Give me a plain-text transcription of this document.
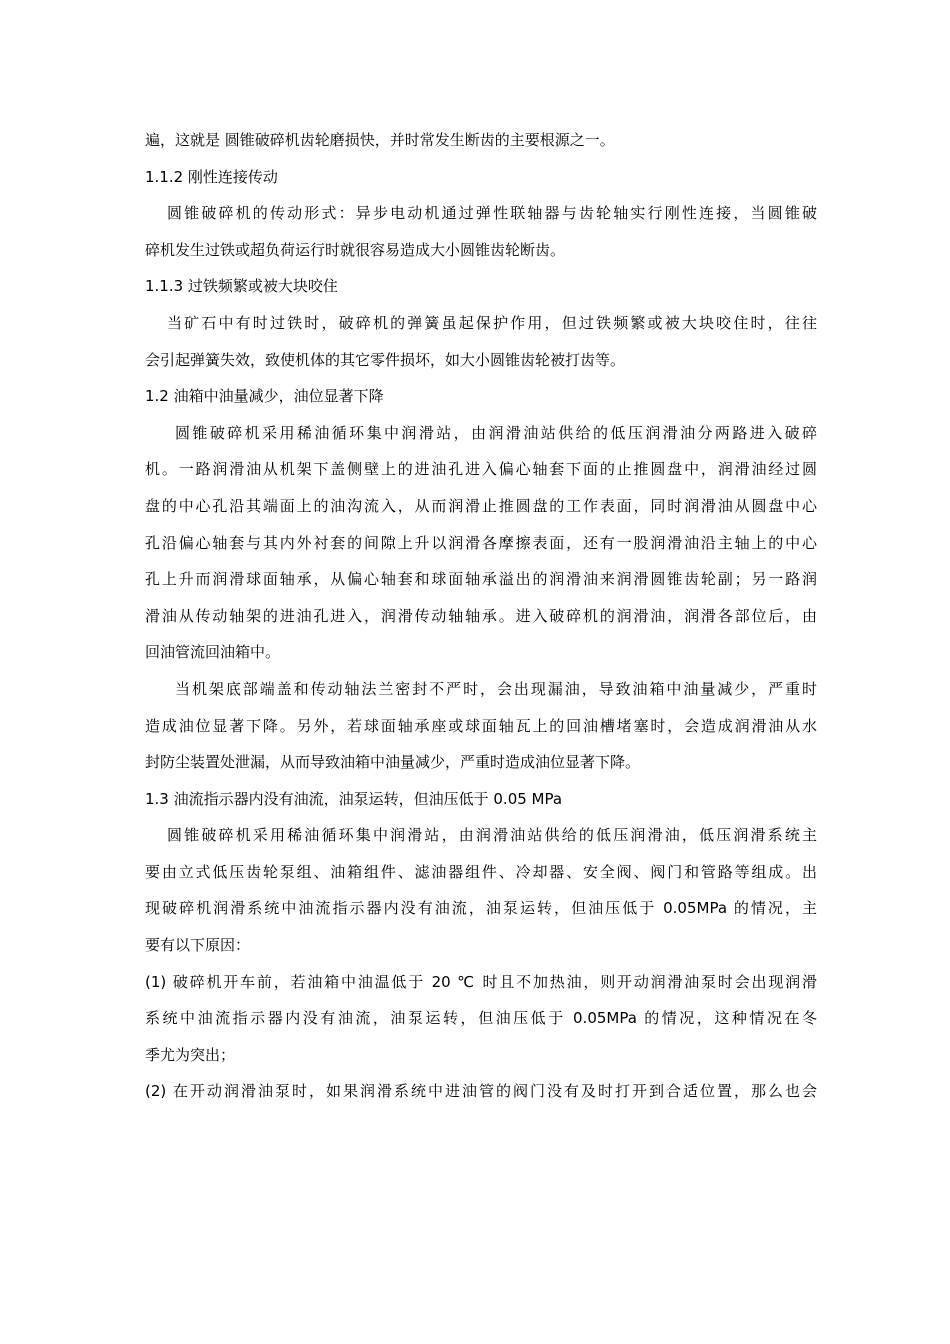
遍，这就是 圆锥破碎机齿轮磨损快，并时常发生断齿的主要根源之一。
1.1.2 刚性连接传动
圆锥破碎机的传动形式：异步电动机通过弹性联轴器与齿轮轴实行刚性连接，当圆锥破
碎机发生过铁或超负荷运行时就很容易造成大小圆锥齿轮断齿。
1.1.3 过铁频繁或被大块咬住
当矿石中有时过铁时，破碎机的弹簧虽起保护作用，但过铁频繁或被大块咬住时，往往
会引起弹簧失效，致使机体的其它零件损坏，如大小圆锥齿轮被打齿等。
1.2 油箱中油量减少，油位显著下降
圆锥破碎机采用稀油循环集中润滑站，由润滑油站供给的低压润滑油分两路进入破碎
机。一路润滑油从机架下盖侧壁上的进油孔进入偏心轴套下面的止推圆盘中，润滑油经过圆
盘的中心孔沿其端面上的油沟流入，从而润滑止推圆盘的工作表面，同时润滑油从圆盘中心
孔沿偏心轴套与其内外衬套的间隙上升以润滑各摩擦表面，还有一股润滑油沿主轴上的中心
孔上升而润滑球面轴承，从偏心轴套和球面轴承溢出的润滑油来润滑圆锥齿轮副；另一路润
滑油从传动轴架的进油孔进入，润滑传动轴轴承。进入破碎机的润滑油，润滑各部位后，由
回油管流回油箱中。
当机架底部端盖和传动轴法兰密封不严时，会出现漏油，导致油箱中油量减少，严重时
造成油位显著下降。另外，若球面轴承座或球面轴瓦上的回油槽堵塞时，会造成润滑油从水
封防尘装置处泄漏，从而导致油箱中油量减少，严重时造成油位显著下降。
1.3 油流指示器内没有油流，油泵运转，但油压低于 0.05 MPa
圆锥破碎机采用稀油循环集中润滑站，由润滑油站供给的低压润滑油，低压润滑系统主
要由立式低压齿轮泵组、油箱组件、滤油器组件、冷却器、安全阀、阀门和管路等组成。出
现破碎机润滑系统中油流指示器内没有油流，油泵运转，但油压低于 0.05MPa 的情况，主
要有以下原因：
(1) 破碎机开车前，若油箱中油温低于 20 ℃ 时且不加热油，则开动润滑油泵时会出现润滑
系统中油流指示器内没有油流，油泵运转，但油压低于 0.05MPa 的情况，这种情况在冬
季尤为突出；
(2) 在开动润滑油泵时，如果润滑系统中进油管的阀门没有及时打开到合适位置，那么也会
